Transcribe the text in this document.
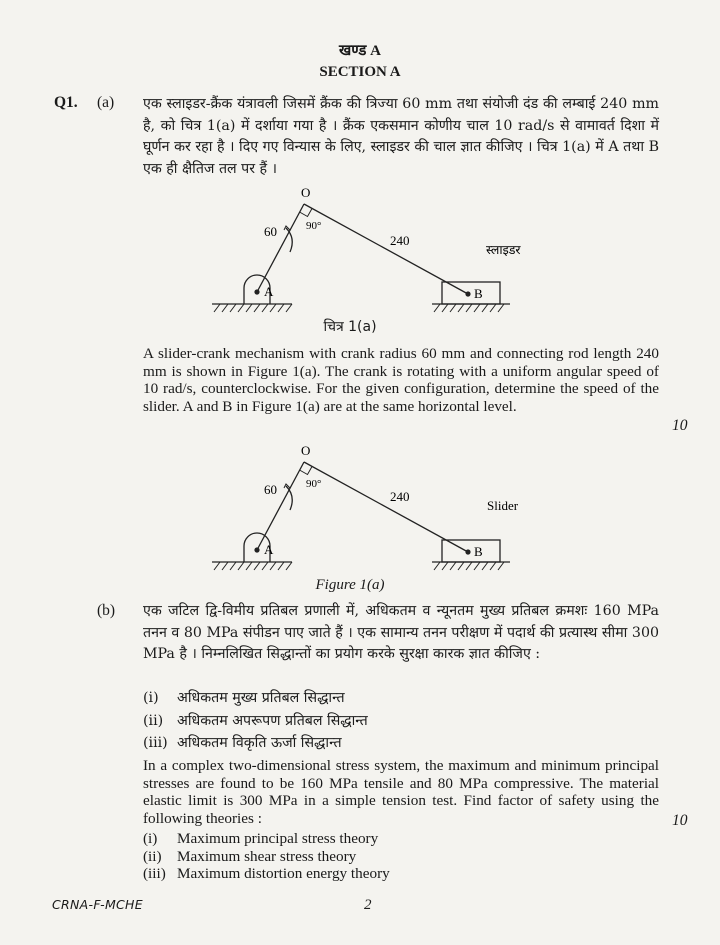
खण्ड A
SECTION A
Q1. (a) एक स्लाइडर-क्रैंक यंत्रावली जिसमें क्रैंक की त्रिज्या 60 mm तथा संयोजी दंड की लम्बाई 240 mm है, को चित्र 1(a) में दर्शाया गया है । क्रैंक एकसमान कोणीय चाल 10 rad/s से वामावर्त दिशा में घूर्णन कर रहा है । दिए गए विन्यास के लिए, स्लाइडर की चाल ज्ञात कीजिए । चित्र 1(a) में A तथा B एक ही क्षैतिज तल पर हैं ।
O
A	B
60
240
90°
स्लाइडर
चित्र 1(a)
A slider-crank mechanism with crank radius 60 mm and connecting rod length 240 mm is shown in Figure 1(a). The crank is rotating with a uniform angular speed of 10 rad/s, counterclockwise. For the given configuration, determine the speed of the slider. A and B in Figure 1(a) are at the same horizontal level.
10
O
A	B
60	240
90°
Slider
Figure 1(a)
(b) एक जटिल द्वि-विमीय प्रतिबल प्रणाली में, अधिकतम व न्यूनतम मुख्य प्रतिबल क्रमशः 160 MPa तनन व 80 MPa संपीडन पाए जाते हैं । एक सामान्य तनन परीक्षण में पदार्थ की प्रत्यास्थ सीमा 300 MPa है । निम्नलिखित सिद्धान्तों का प्रयोग करके सुरक्षा कारक ज्ञात कीजिए :
(i)	अधिकतम मुख्य प्रतिबल सिद्धान्त
(ii) अधिकतम अपरूपण प्रतिबल सिद्धान्त
(iii) अधिकतम विकृति ऊर्जा सिद्धान्त
In a complex two-dimensional stress system, the maximum and minimum principal stresses are found to be 160 MPa tensile and 80 MPa compressive. The material elastic limit is 300 MPa in a simple tension test. Find factor of safety using the following theories :	10
(i)	Maximum principal stress theory
(ii)	Maximum shear stress theory
(iii) Maximum distortion energy theory
CRNA-F-MCHE	2
